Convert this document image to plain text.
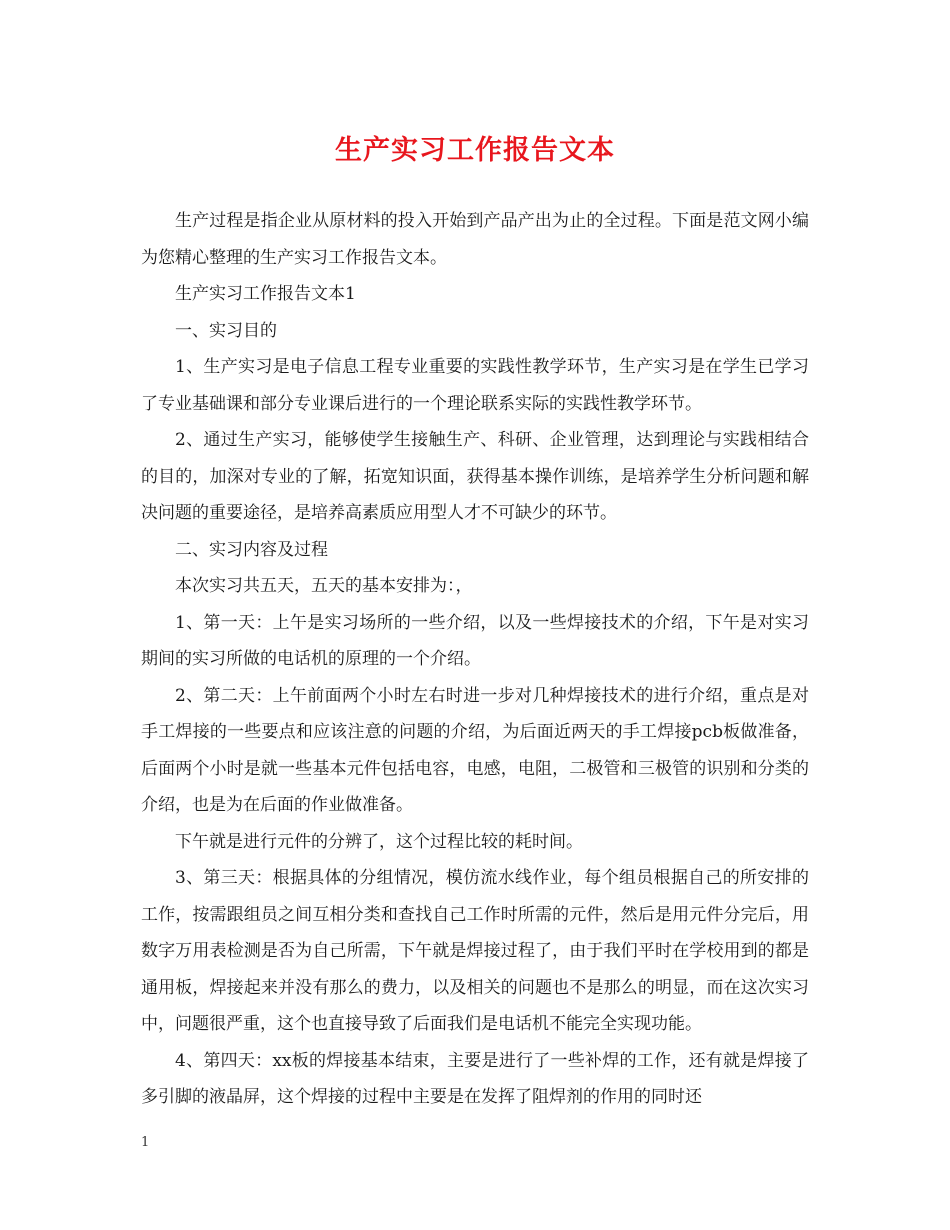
生产实习工作报告文本

生产过程是指企业从原材料的投入开始到产品产出为止的全过程。下面是范文网小编为您精心整理的生产实习工作报告文本。

生产实习工作报告文本1

一、实习目的

1、生产实习是电子信息工程专业重要的实践性教学环节，生产实习是在学生已学习了专业基础课和部分专业课后进行的一个理论联系实际的实践性教学环节。

2、通过生产实习，能够使学生接触生产、科研、企业管理，达到理论与实践相结合的目的，加深对专业的了解，拓宽知识面，获得基本操作训练，是培养学生分析问题和解决问题的重要途径，是培养高素质应用型人才不可缺少的环节。

二、实习内容及过程

本次实习共五天，五天的基本安排为：，

1、第一天：上午是实习场所的一些介绍，以及一些焊接技术的介绍，下午是对实习期间的实习所做的电话机的原理的一个介绍。

2、第二天：上午前面两个小时左右时进一步对几种焊接技术的进行介绍，重点是对手工焊接的一些要点和应该注意的问题的介绍，为后面近两天的手工焊接pcb板做准备，后面两个小时是就一些基本元件包括电容，电感，电阻，二极管和三极管的识别和分类的介绍，也是为在后面的作业做准备。

下午就是进行元件的分辨了，这个过程比较的耗时间。

3、第三天：根据具体的分组情况，模仿流水线作业，每个组员根据自己的所安排的工作，按需跟组员之间互相分类和查找自己工作时所需的元件，然后是用元件分完后，用数字万用表检测是否为自己所需，下午就是焊接过程了，由于我们平时在学校用到的都是通用板，焊接起来并没有那么的费力，以及相关的问题也不是那么的明显，而在这次实习中，问题很严重，这个也直接导致了后面我们是电话机不能完全实现功能。

4、第四天：xx板的焊接基本结束，主要是进行了一些补焊的工作，还有就是焊接了多引脚的液晶屏，这个焊接的过程中主要是在发挥了阻焊剂的作用的同时还

1
